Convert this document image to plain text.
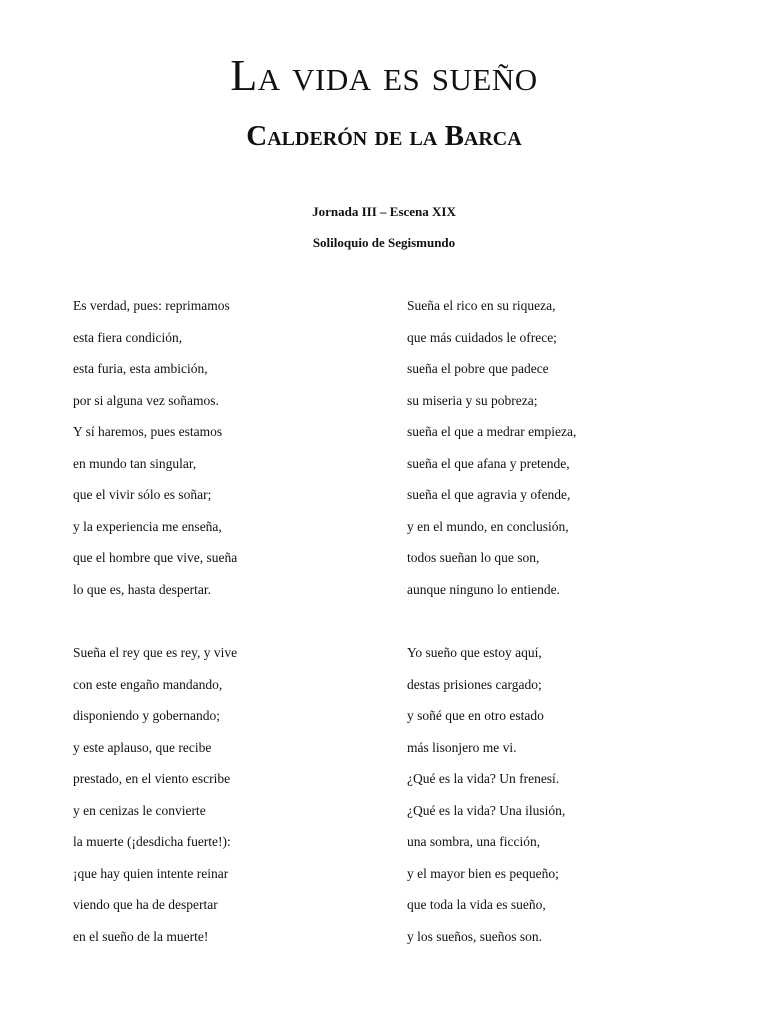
La vida es sueño
Calderón de la Barca
Jornada III – Escena XIX
Soliloquio de Segismundo
Es verdad, pues: reprimamos
esta fiera condición,
esta furia, esta ambición,
por si alguna vez soñamos.
Y sí haremos, pues estamos
en mundo tan singular,
que el vivir sólo es soñar;
y la experiencia me enseña,
que el hombre que vive, sueña
lo que es, hasta despertar.
Sueña el rico en su riqueza,
que más cuidados le ofrece;
sueña el pobre que padece
su miseria y su pobreza;
sueña el que a medrar empieza,
sueña el que afana y pretende,
sueña el que agravia y ofende,
y en el mundo, en conclusión,
todos sueñan lo que son,
aunque ninguno lo entiende.
Sueña el rey que es rey, y vive
con este engaño mandando,
disponiendo y gobernando;
y este aplauso, que recibe
prestado, en el viento escribe
y en cenizas le convierte
la muerte (¡desdicha fuerte!):
¡que hay quien intente reinar
viendo que ha de despertar
en el sueño de la muerte!
Yo sueño que estoy aquí,
destas prisiones cargado;
y soñé que en otro estado
más lisonjero me vi.
¿Qué es la vida? Un frenesí.
¿Qué es la vida? Una ilusión,
una sombra, una ficción,
y el mayor bien es pequeño;
que toda la vida es sueño,
y los sueños, sueños son.
